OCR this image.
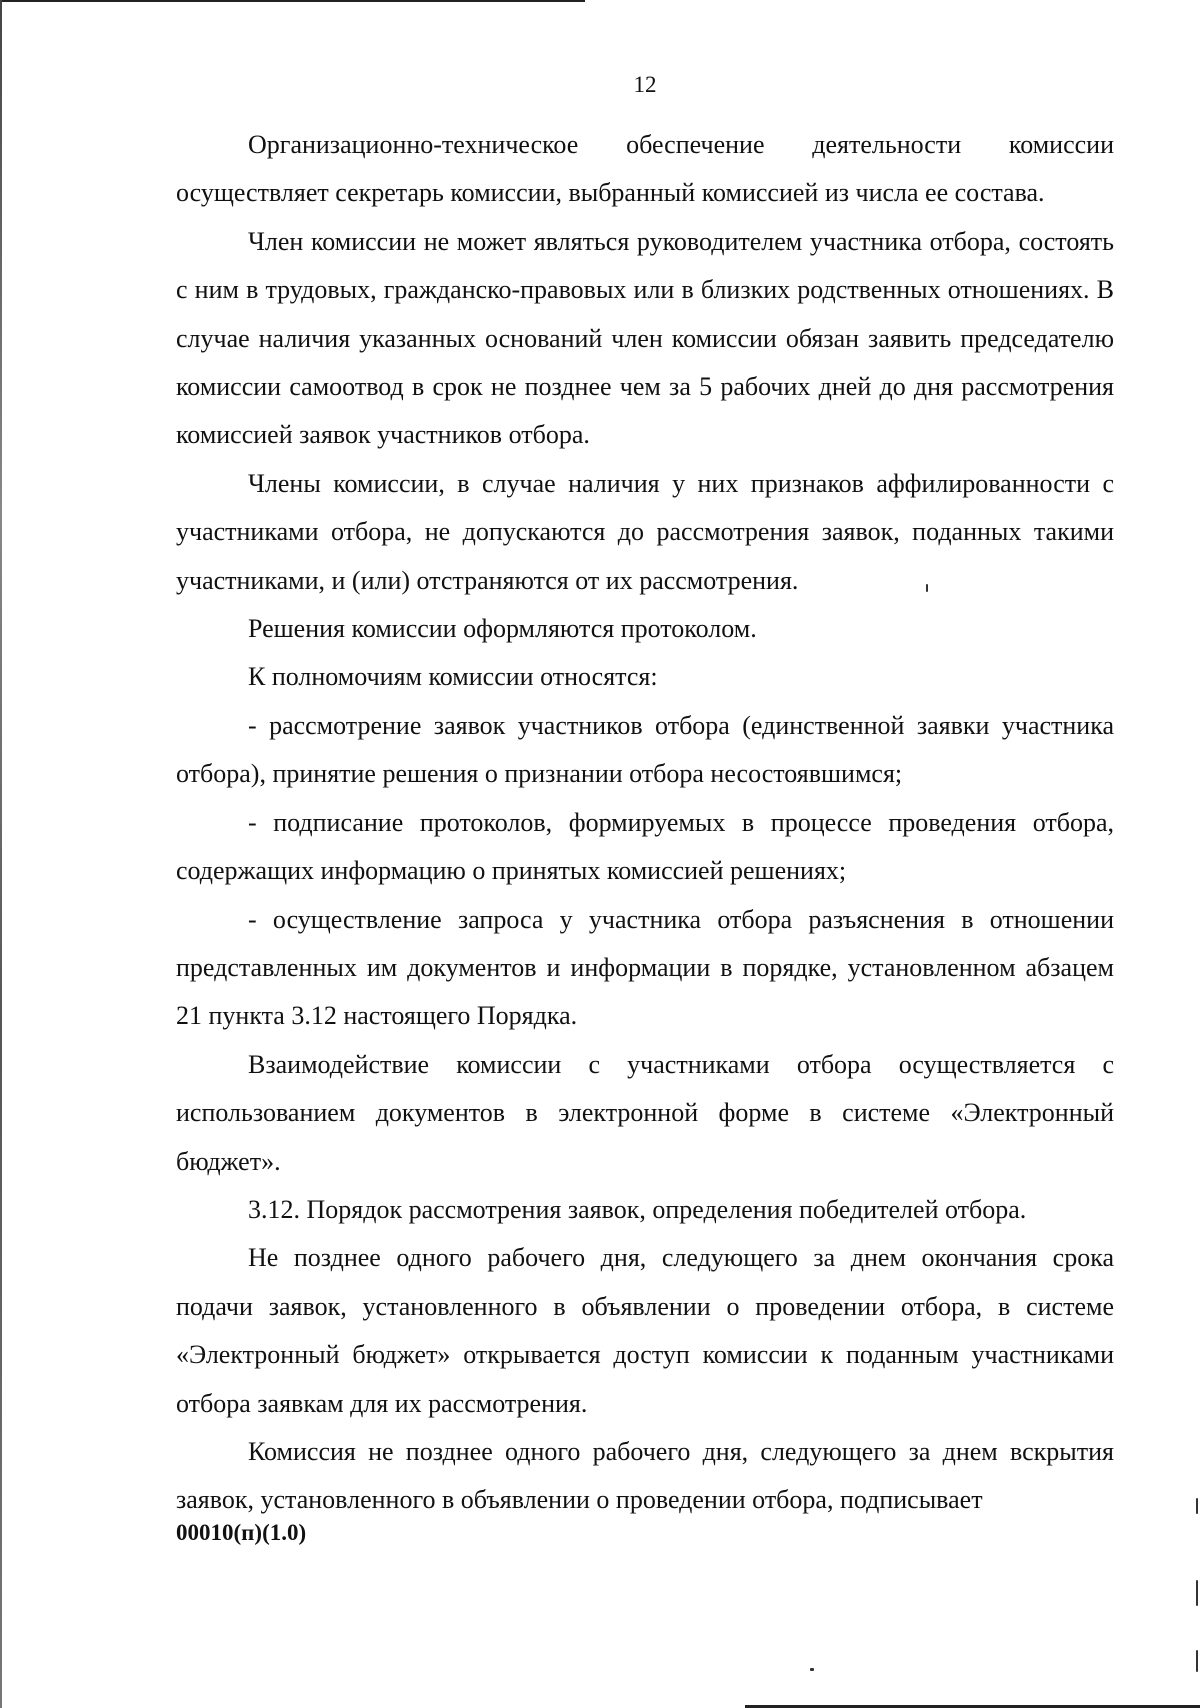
12

Организационно-техническое обеспечение деятельности комиссии осуществляет секретарь комиссии, выбранный комиссией из числа ее состава.

Член комиссии не может являться руководителем участника отбора, состоять с ним в трудовых, гражданско-правовых или в близких родственных отношениях. В случае наличия указанных оснований член комиссии обязан заявить председателю комиссии самоотвод в срок не позднее чем за 5 рабочих дней до дня рассмотрения комиссией заявок участников отбора.

Члены комиссии, в случае наличия у них признаков аффилированности с участниками отбора, не допускаются до рассмотрения заявок, поданных такими участниками, и (или) отстраняются от их рассмотрения.

Решения комиссии оформляются протоколом.

К полномочиям комиссии относятся:

- рассмотрение заявок участников отбора (единственной заявки участника отбора), принятие решения о признании отбора несостоявшимся;

- подписание протоколов, формируемых в процессе проведения отбора, содержащих информацию о принятых комиссией решениях;

- осуществление запроса у участника отбора разъяснения в отношении представленных им документов и информации в порядке, установленном абзацем 21 пункта 3.12 настоящего Порядка.

Взаимодействие комиссии с участниками отбора осуществляется с использованием документов в электронной форме в системе «Электронный бюджет».

3.12. Порядок рассмотрения заявок, определения победителей отбора.

Не позднее одного рабочего дня, следующего за днем окончания срока подачи заявок, установленного в объявлении о проведении отбора, в системе «Электронный бюджет» открывается доступ комиссии к поданным участниками отбора заявкам для их рассмотрения.

Комиссия не позднее одного рабочего дня, следующего за днем вскрытия заявок, установленного в объявлении о проведении отбора, подписывает

00010(п)(1.0)
